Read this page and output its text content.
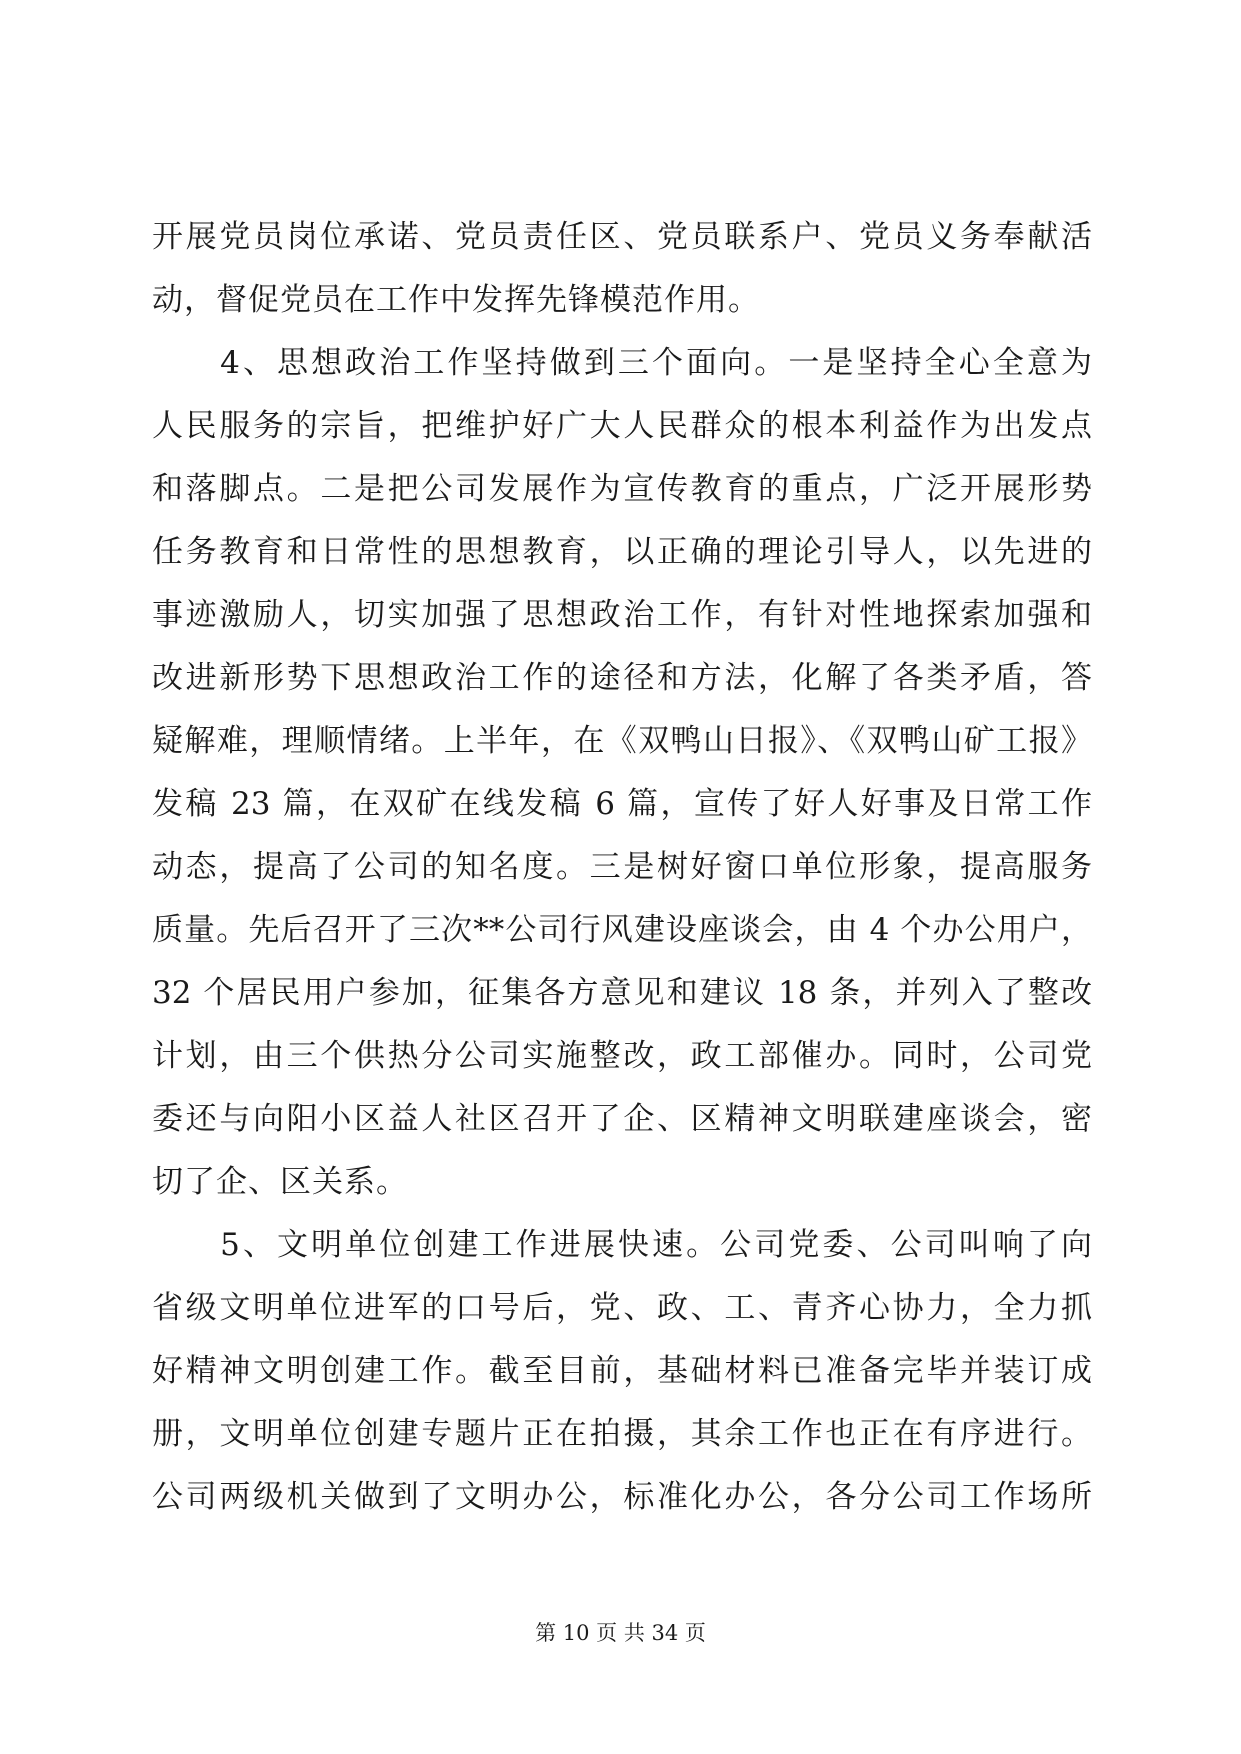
开展党员岗位承诺、党员责任区、党员联系户、党员义务奉献活
动，督促党员在工作中发挥先锋模范作用。
　　4、思想政治工作坚持做到三个面向。一是坚持全心全意为
人民服务的宗旨，把维护好广大人民群众的根本利益作为出发点
和落脚点。二是把公司发展作为宣传教育的重点，广泛开展形势
任务教育和日常性的思想教育，以正确的理论引导人，以先进的
事迹激励人，切实加强了思想政治工作，有针对性地探索加强和
改进新形势下思想政治工作的途径和方法，化解了各类矛盾，答
疑解难，理顺情绪。上半年，在《双鸭山日报》、《双鸭山矿工报》
发稿 23 篇，在双矿在线发稿 6 篇，宣传了好人好事及日常工作
动态，提高了公司的知名度。三是树好窗口单位形象，提高服务
质量。先后召开了三次**公司行风建设座谈会，由 4 个办公用户，
32 个居民用户参加，征集各方意见和建议 18 条，并列入了整改
计划，由三个供热分公司实施整改，政工部催办。同时，公司党
委还与向阳小区益人社区召开了企、区精神文明联建座谈会，密
切了企、区关系。
　　5、文明单位创建工作进展快速。公司党委、公司叫响了向
省级文明单位进军的口号后，党、政、工、青齐心协力，全力抓
好精神文明创建工作。截至目前，基础材料已准备完毕并装订成
册，文明单位创建专题片正在拍摄，其余工作也正在有序进行。
公司两级机关做到了文明办公，标准化办公，各分公司工作场所
第 10 页 共 34 页
